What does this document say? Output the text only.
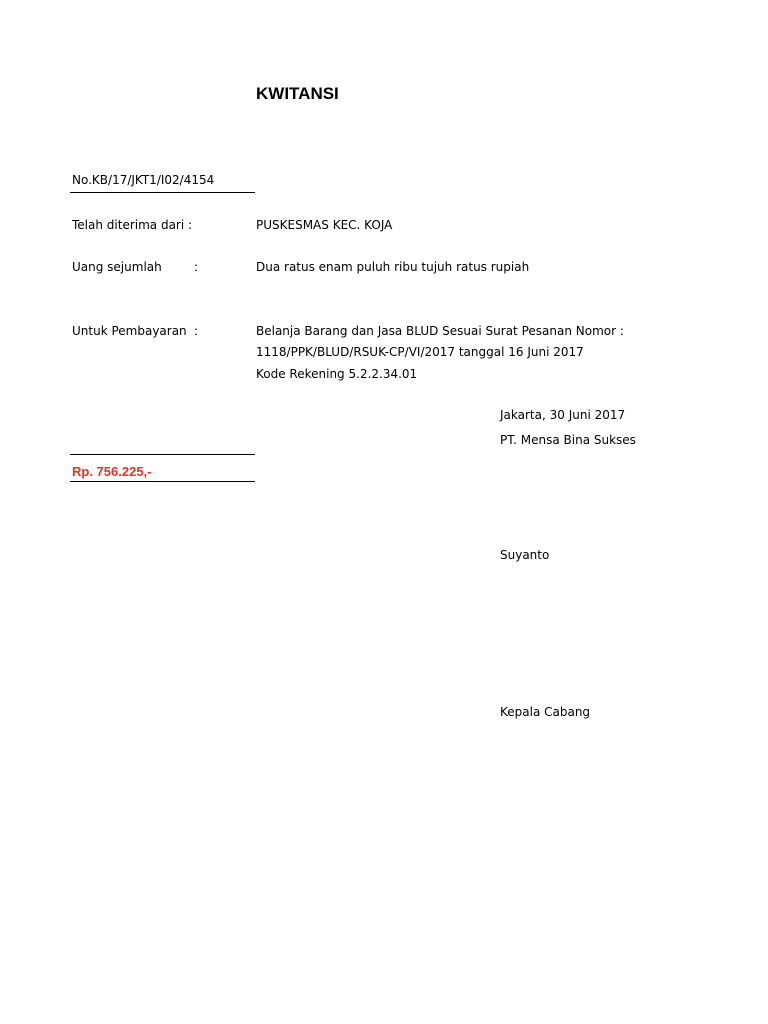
KWITANSI
No.KB/17/JKT1/I02/4154
Telah diterima dari :	PUSKESMAS KEC. KOJA
Uang sejumlah	:	Dua ratus enam puluh ribu tujuh ratus rupiah
Untuk Pembayaran :	Belanja Barang dan Jasa BLUD Sesuai Surat Pesanan Nomor :
1118/PPK/BLUD/RSUK-CP/VI/2017 tanggal 16 Juni 2017
Kode Rekening 5.2.2.34.01
Jakarta, 30 Juni 2017
PT. Mensa Bina Sukses
Rp. 756.225,-
Suyanto
Kepala Cabang
